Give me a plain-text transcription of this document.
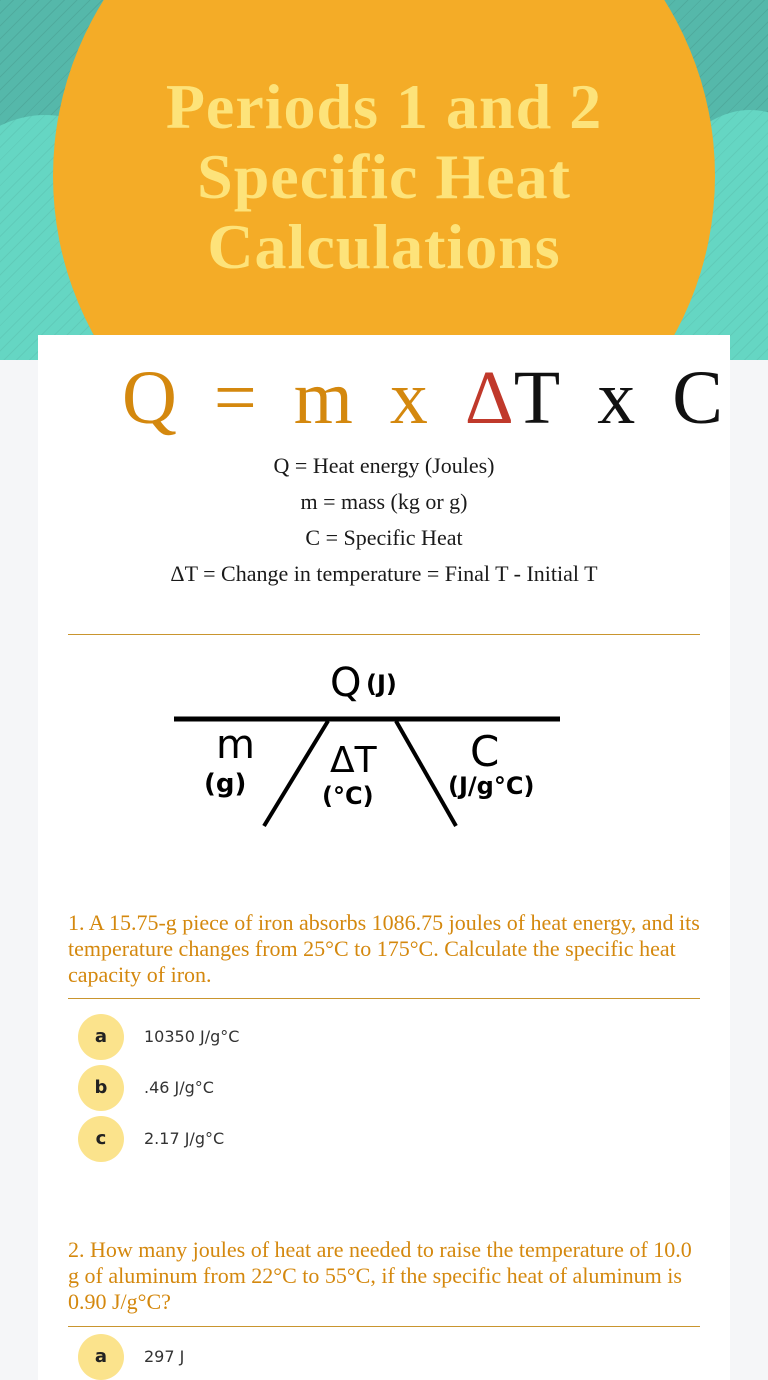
Periods 1 and 2
Specific Heat
Calculations
Q = m x ΔT x C
Q = Heat energy (Joules)
m = mass (kg or g)
C = Specific Heat
ΔT = Change in temperature = Final T - Initial T
Q (J)
m
(g)
ΔT
(°C)
C
(J/g°C)
1. A 15.75-g piece of iron absorbs 1086.75 joules of heat energy, and its temperature changes from 25°C to 175°C. Calculate the specific heat capacity of iron.
a	10350 J/g°C
b	.46 J/g°C
c	2.17 J/g°C
2. How many joules of heat are needed to raise the temperature of 10.0 g of aluminum from 22°C to 55°C, if the specific heat of aluminum is 0.90 J/g°C?
a	297 J
